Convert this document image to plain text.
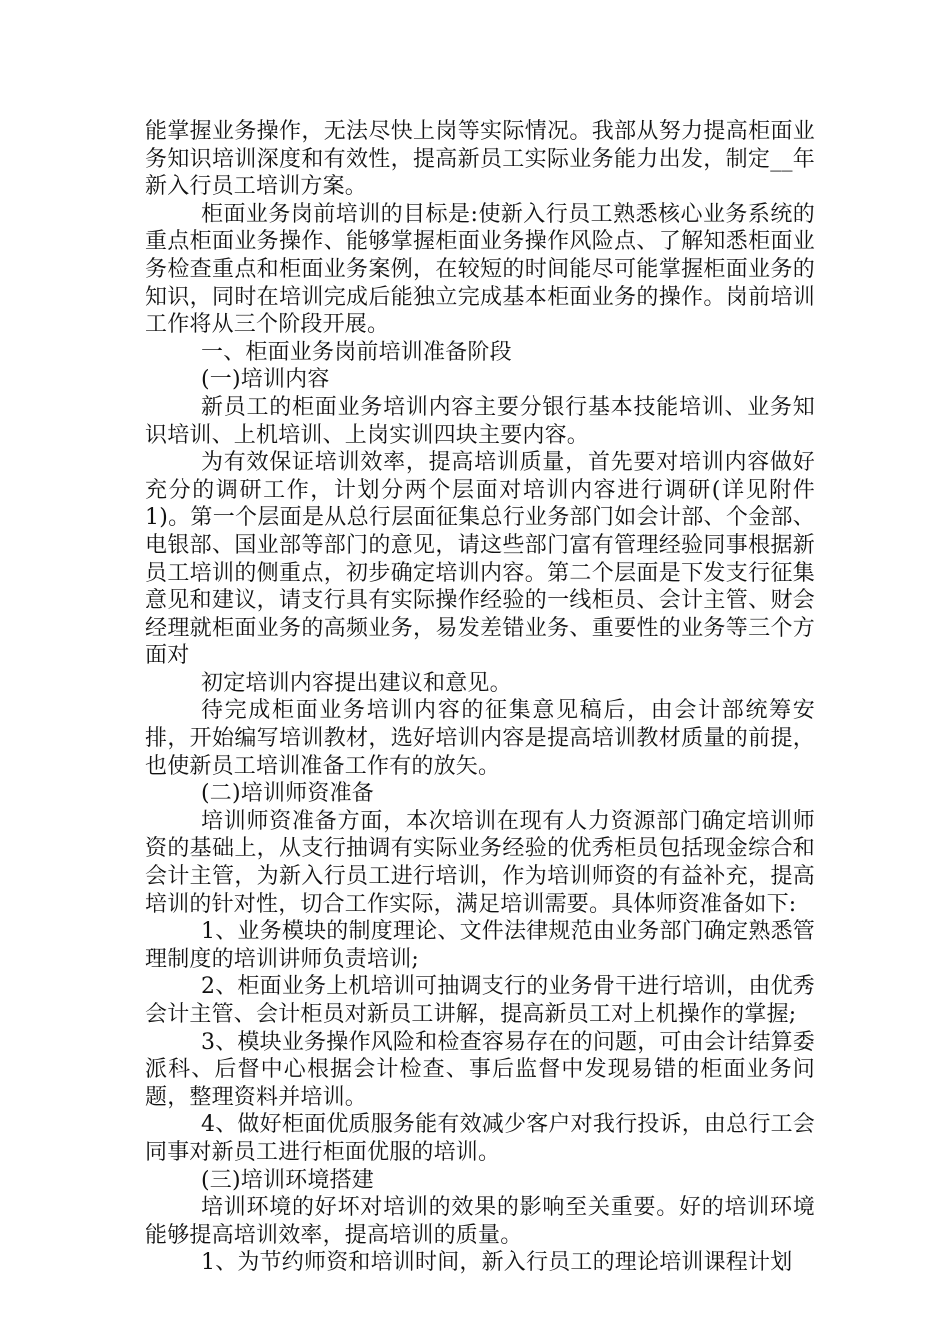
能掌握业务操作，无法尽快上岗等实际情况。我部从努力提高柜面业务知识培训深度和有效性，提高新员工实际业务能力出发，制定__年新入行员工培训方案。

柜面业务岗前培训的目标是:使新入行员工熟悉核心业务系统的重点柜面业务操作、能够掌握柜面业务操作风险点、了解知悉柜面业务检查重点和柜面业务案例，在较短的时间能尽可能掌握柜面业务的知识，同时在培训完成后能独立完成基本柜面业务的操作。岗前培训工作将从三个阶段开展。

一、柜面业务岗前培训准备阶段

(一)培训内容

新员工的柜面业务培训内容主要分银行基本技能培训、业务知识培训、上机培训、上岗实训四块主要内容。

为有效保证培训效率，提高培训质量，首先要对培训内容做好充分的调研工作，计划分两个层面对培训内容进行调研(详见附件1)。第一个层面是从总行层面征集总行业务部门如会计部、个金部、电银部、国业部等部门的意见，请这些部门富有管理经验同事根据新员工培训的侧重点，初步确定培训内容。第二个层面是下发支行征集意见和建议，请支行具有实际操作经验的一线柜员、会计主管、财会经理就柜面业务的高频业务，易发差错业务、重要性的业务等三个方面对

初定培训内容提出建议和意见。

待完成柜面业务培训内容的征集意见稿后，由会计部统筹安排，开始编写培训教材，选好培训内容是提高培训教材质量的前提，也使新员工培训准备工作有的放矢。

(二)培训师资准备

培训师资准备方面，本次培训在现有人力资源部门确定培训师资的基础上，从支行抽调有实际业务经验的优秀柜员包括现金综合和会计主管，为新入行员工进行培训，作为培训师资的有益补充，提高培训的针对性，切合工作实际，满足培训需要。具体师资准备如下:

1、业务模块的制度理论、文件法律规范由业务部门确定熟悉管理制度的培训讲师负责培训;

2、柜面业务上机培训可抽调支行的业务骨干进行培训，由优秀会计主管、会计柜员对新员工讲解，提高新员工对上机操作的掌握;

3、模块业务操作风险和检查容易存在的问题，可由会计结算委派科、后督中心根据会计检查、事后监督中发现易错的柜面业务问题，整理资料并培训。

4、做好柜面优质服务能有效减少客户对我行投诉，由总行工会同事对新员工进行柜面优服的培训。

(三)培训环境搭建

培训环境的好坏对培训的效果的影响至关重要。好的培训环境能够提高培训效率，提高培训的质量。

1、为节约师资和培训时间，新入行员工的理论培训课程计划
